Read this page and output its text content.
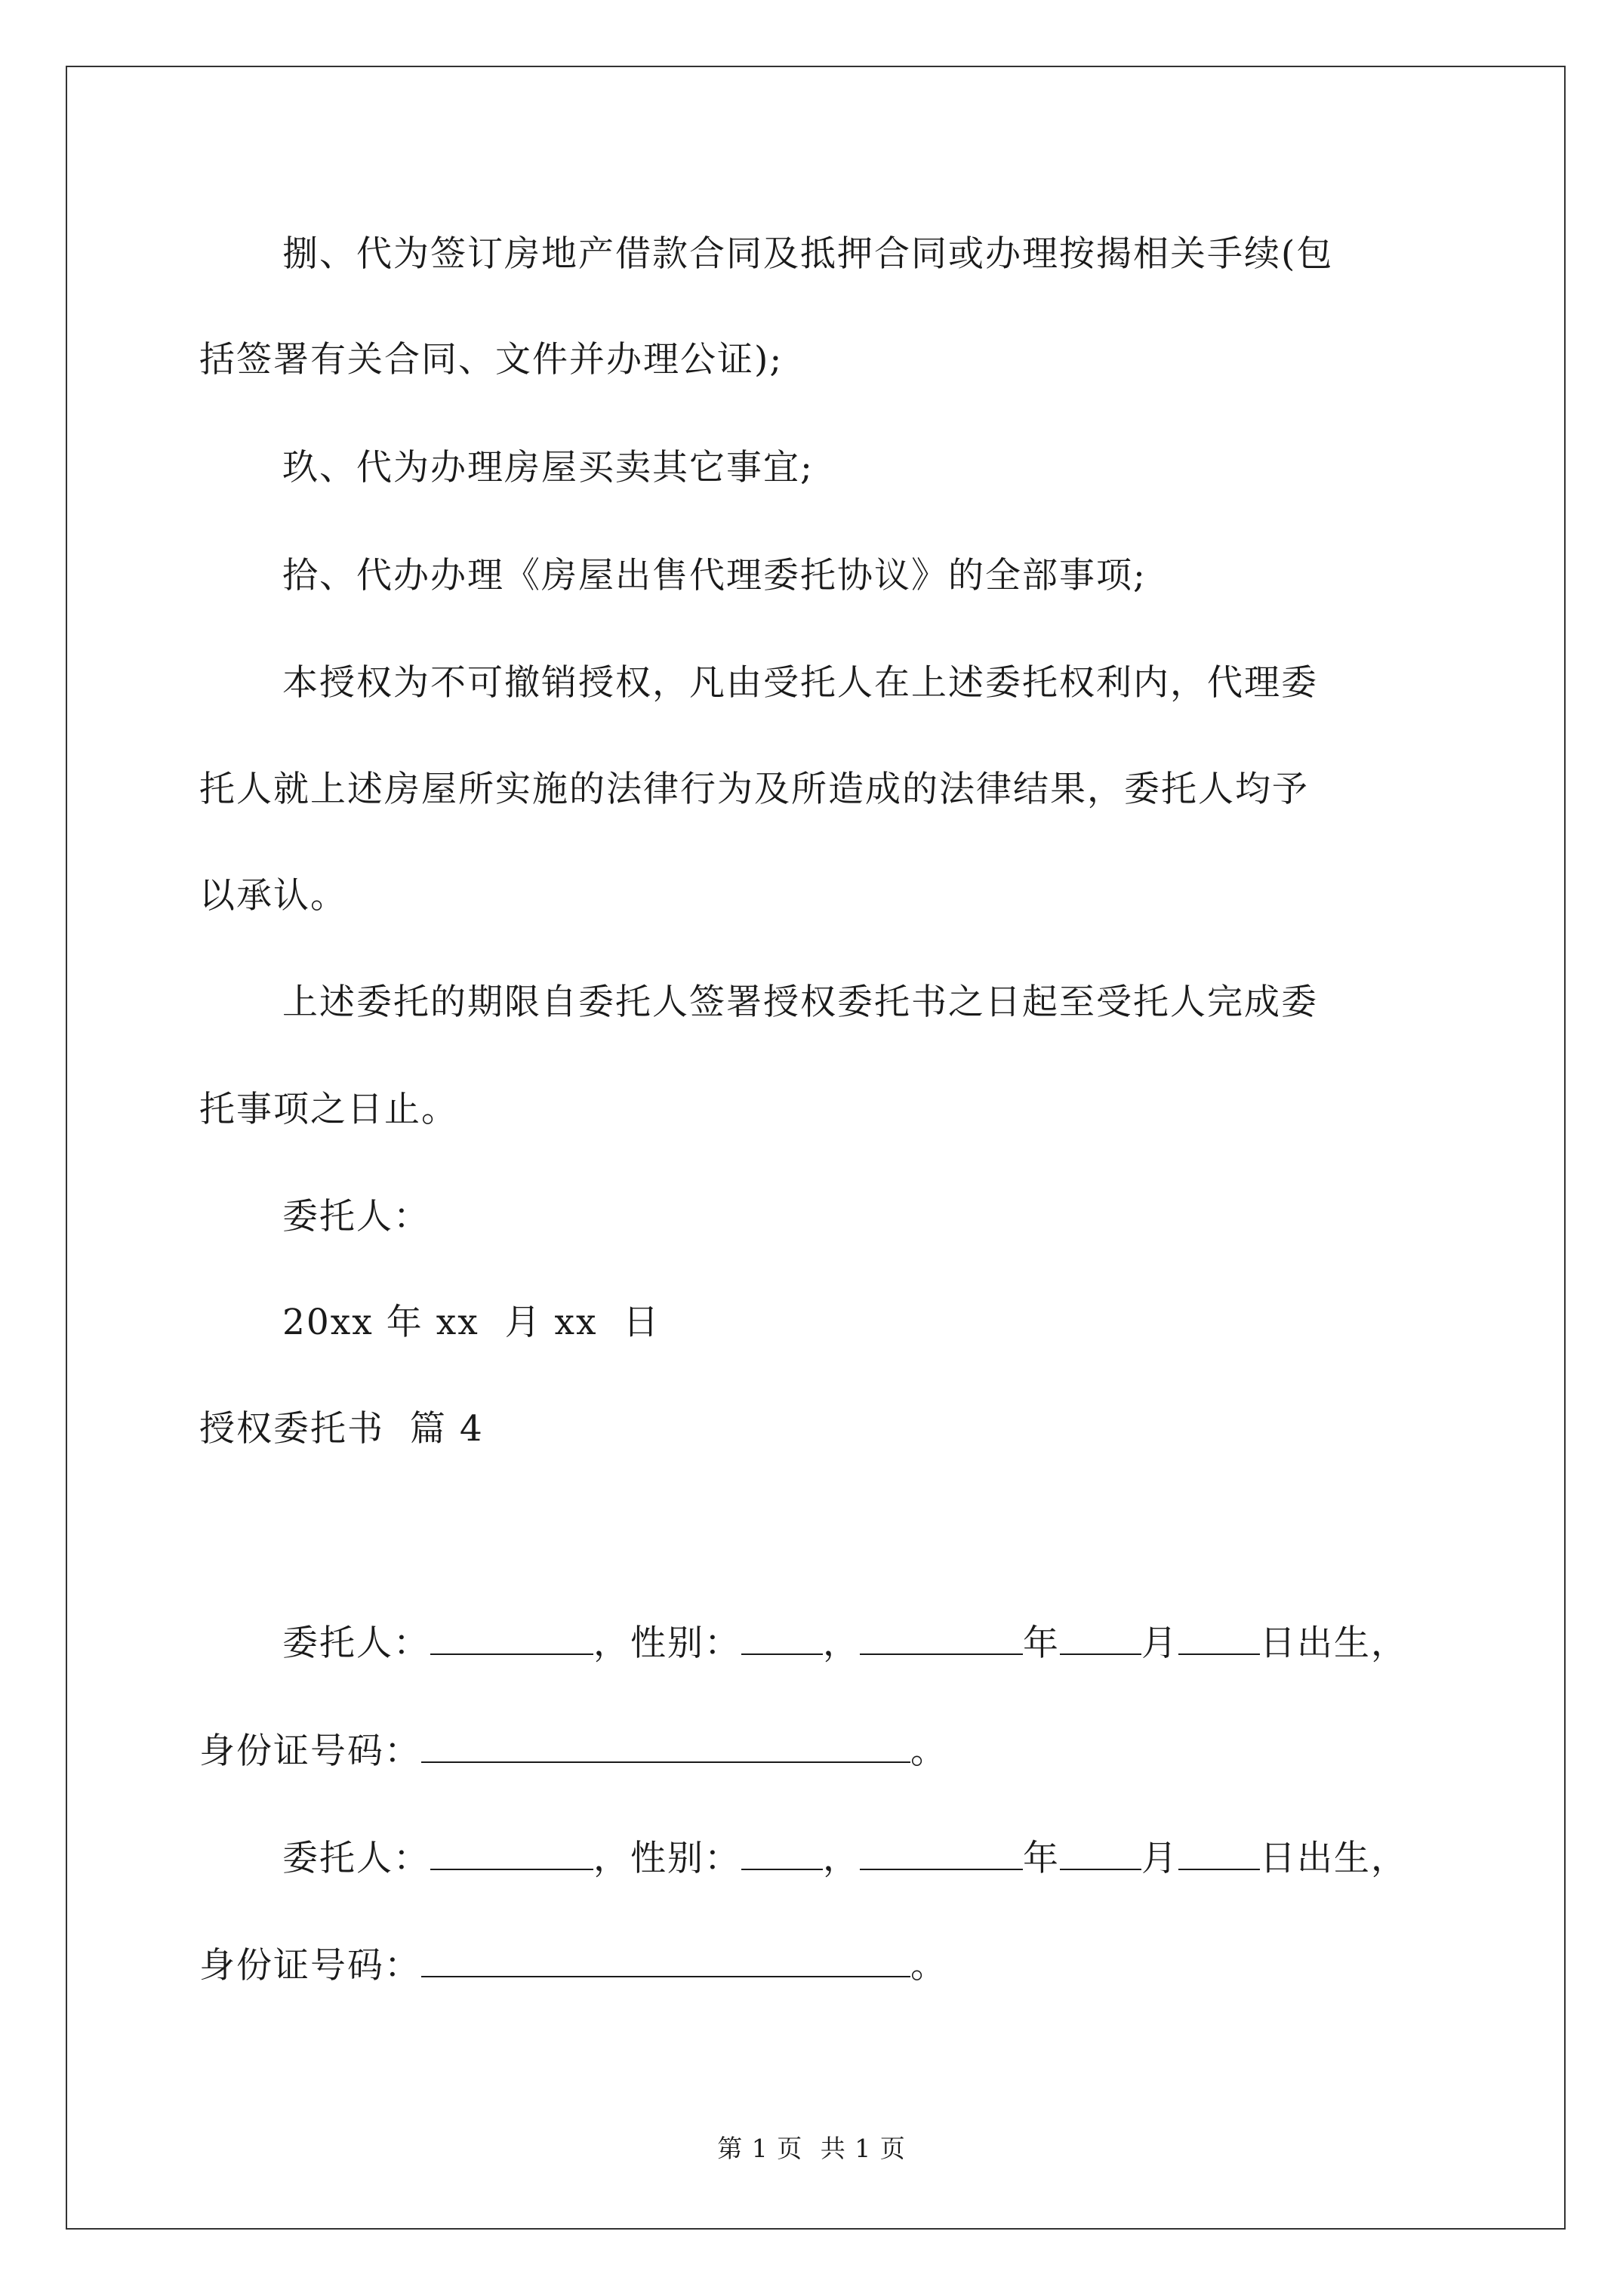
捌、代为签订房地产借款合同及抵押合同或办理按揭相关手续(包
括签署有关合同、文件并办理公证);
玖、代为办理房屋买卖其它事宜;
拾、代办办理《房屋出售代理委托协议》的全部事项;
本授权为不可撤销授权，凡由受托人在上述委托权利内，代理委
托人就上述房屋所实施的法律行为及所造成的法律结果，委托人均予
以承认。
上述委托的期限自委托人签署授权委托书之日起至受托人完成委
托事项之日止。
委托人：
20xx 年 xx  月 xx  日
授权委托书  篇 4
委托人：	，性别： ，	年 月 日出生，
身份证号码：	。
委托人：	，性别： ，	年 月 日出生，
身份证号码：	。
第 1 页 共 1 页
